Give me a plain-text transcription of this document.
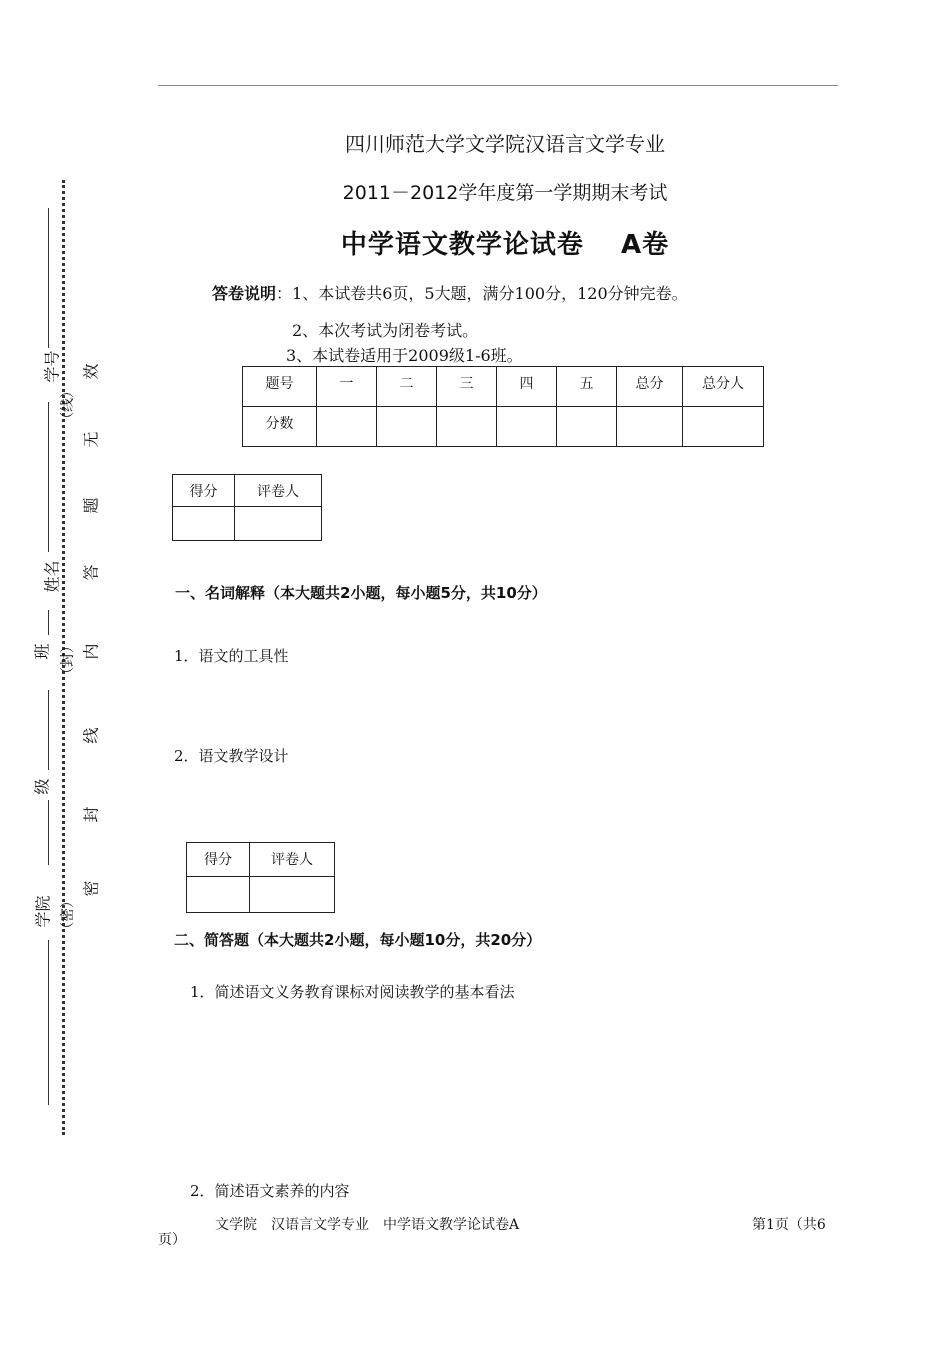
学号
姓名
班
级
学院
（线）
（封）
（密）
效
无
题
答
内
线
封
密
四川师范大学文学院汉语言文学专业
2011－2012学年度第一学期期末考试
中学语文教学论试卷　 A卷
答卷说明：1、本试卷共6页，5大题，满分100分，120分钟完卷。
2、本次考试为闭卷考试。
3、本试卷适用于2009级1-6班。
题号	一	二	三	四	五	总分	总分人
分数							
得分	评卷人

一、名词解释（本大题共2小题，每小题5分，共10分）
1．语文的工具性
2．语文教学设计
得分	评卷人

二、简答题（本大题共2小题，每小题10分，共20分）
1．简述语文义务教育课标对阅读教学的基本看法
2．简述语文素养的内容
文学院　汉语言文学专业　中学语文教学论试卷A	第1页（共6
页）
